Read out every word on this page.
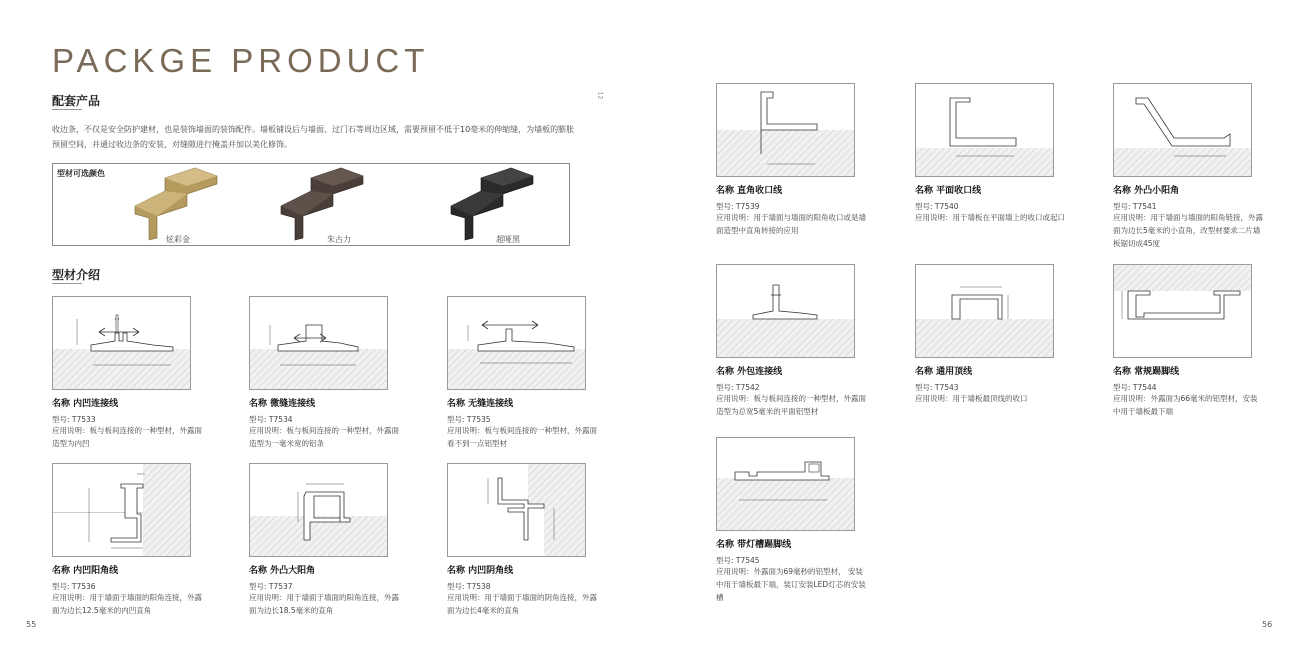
PACKGE PRODUCT
配套产品	12
收边条，不仅是安全防护建材，也是装饰墙面的装饰配件。墙板铺设后与墙面、过门石等周边区域，需要预留不低于10毫米的伸缩缝，为墙板的膨胀预留空间，并通过收边条的安装，对缝隙进行掩盖并加以美化修饰。
型材可选颜色
炫彩金	朱古力	超哑黑
型材介绍
名称 内凹连接线
型号: T7533
应用说明：板与板间连接的一种型材，外露面造型为内凹
名称 微缝连接线
型号: T7534
应用说明：板与板间连接的一种型材，外露面造型为一毫米宽的铝条
名称 无缝连接线
型号: T7535
应用说明：板与板间连接的一种型材，外露面看不到一点铝型材
名称 内凹阳角线
型号: T7536
应用说明：用于墙面于墙面的阳角连接，外露面为边长12.5毫米的内凹直角
名称 外凸大阳角
型号: T7537
应用说明：用于墙面于墙面的阳角连接，外露面为边长18.5毫米的直角
名称 内凹阴角线
型号: T7538
应用说明：用于墙面于墙面的阴角连接，外露面为边长4毫米的直角
名称 直角收口线
型号: T7539
应用说明：用于墙面与墙面的阳角收口或是墙面造型中直角转接的应用
名称 平面收口线
型号: T7540
应用说明：用于墙板在平面墙上的收口或起口
名称 外凸小阳角
型号: T7541
应用说明：用于墙面与墙面的阳角链接，外露面为边长5毫米的小直角，改型材要求二片墙板锯切成45度
名称 外包连接线
型号: T7542
应用说明：板与板间连接的一种型材，外露面造型为总宽5毫米的平面铝型材
名称 通用顶线
型号: T7543
应用说明：用于墙板最顶线的收口
名称 常规踢脚线
型号: T7544
应用说明：外露面为66毫米的铝型材，安装中用于墙板最下端
名称 带灯槽踢脚线
型号: T7545
应用说明：外露面为69毫秒的铝型材， 安装中用于墙板最下端，装订安装LED灯芯的安装槽
55	56
